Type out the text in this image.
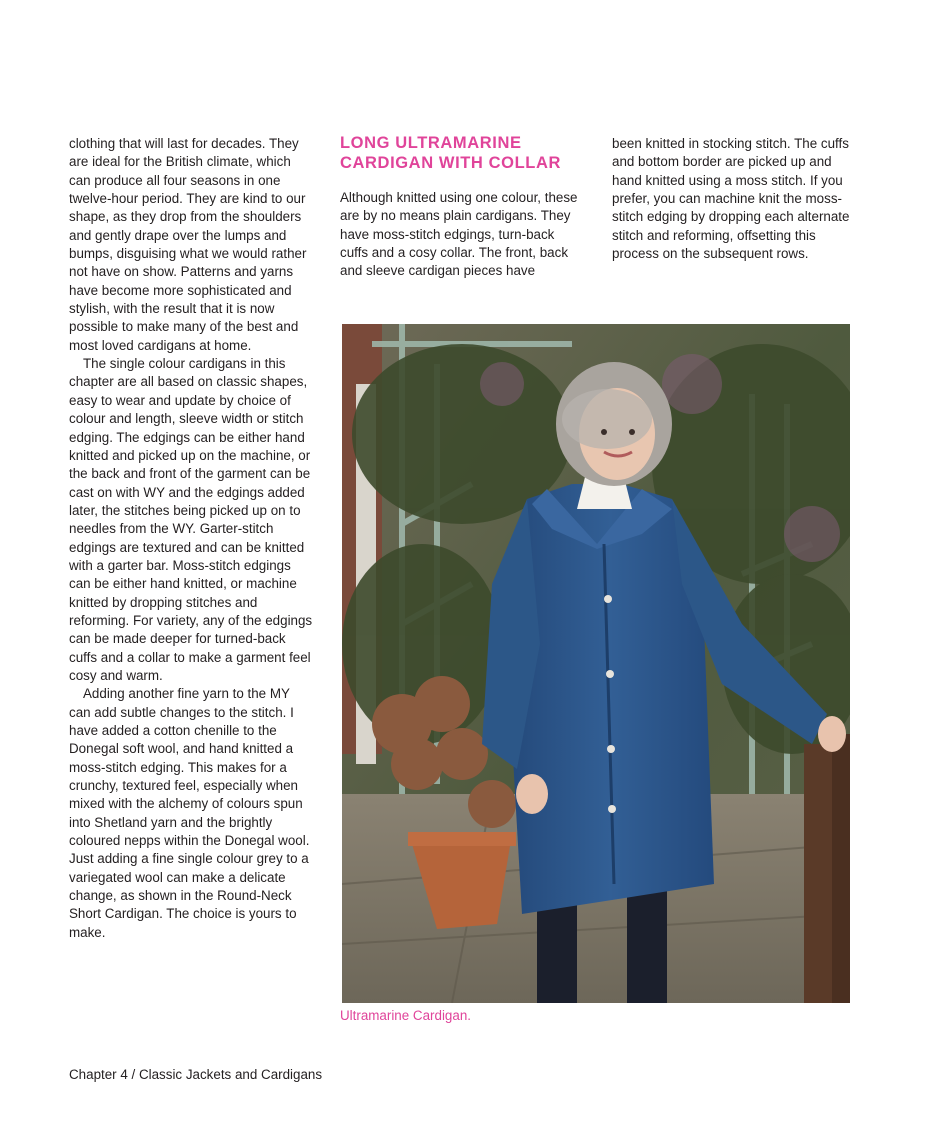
clothing that will last for decades. They are ideal for the British climate, which can produce all four seasons in one twelve-hour period. They are kind to our shape, as they drop from the shoulders and gently drape over the lumps and bumps, disguising what we would rather not have on show. Patterns and yarns have become more sophisticated and stylish, with the result that it is now possible to make many of the best and most loved cardigans at home.

The single colour cardigans in this chapter are all based on classic shapes, easy to wear and update by choice of colour and length, sleeve width or stitch edging. The edgings can be either hand knitted and picked up on the machine, or the back and front of the garment can be cast on with WY and the edgings added later, the stitches being picked up on to needles from the WY. Garter-stitch edgings are textured and can be knitted with a garter bar. Moss-stitch edgings can be either hand knitted, or machine knitted by dropping stitches and reforming. For variety, any of the edgings can be made deeper for turned-back cuffs and a collar to make a garment feel cosy and warm.

Adding another fine yarn to the MY can add subtle changes to the stitch. I have added a cotton chenille to the Donegal soft wool, and hand knitted a moss-stitch edging. This makes for a crunchy, textured feel, especially when mixed with the alchemy of colours spun into Shetland yarn and the brightly coloured nepps within the Donegal wool. Just adding a fine single colour grey to a variegated wool can make a delicate change, as shown in the Round-Neck Short Cardigan. The choice is yours to make.

LONG ULTRAMARINE CARDIGAN WITH COLLAR

Although knitted using one colour, these are by no means plain cardigans. They have moss-stitch edgings, turn-back cuffs and a cosy collar. The front, back and sleeve cardigan pieces have

been knitted in stocking stitch. The cuffs and bottom border are picked up and hand knitted using a moss stitch. If you prefer, you can machine knit the moss-stitch edging by dropping each alternate stitch and reforming, offsetting this process on the subsequent rows.

Ultramarine Cardigan.
Chapter 4 / Classic Jackets and Cardigans
